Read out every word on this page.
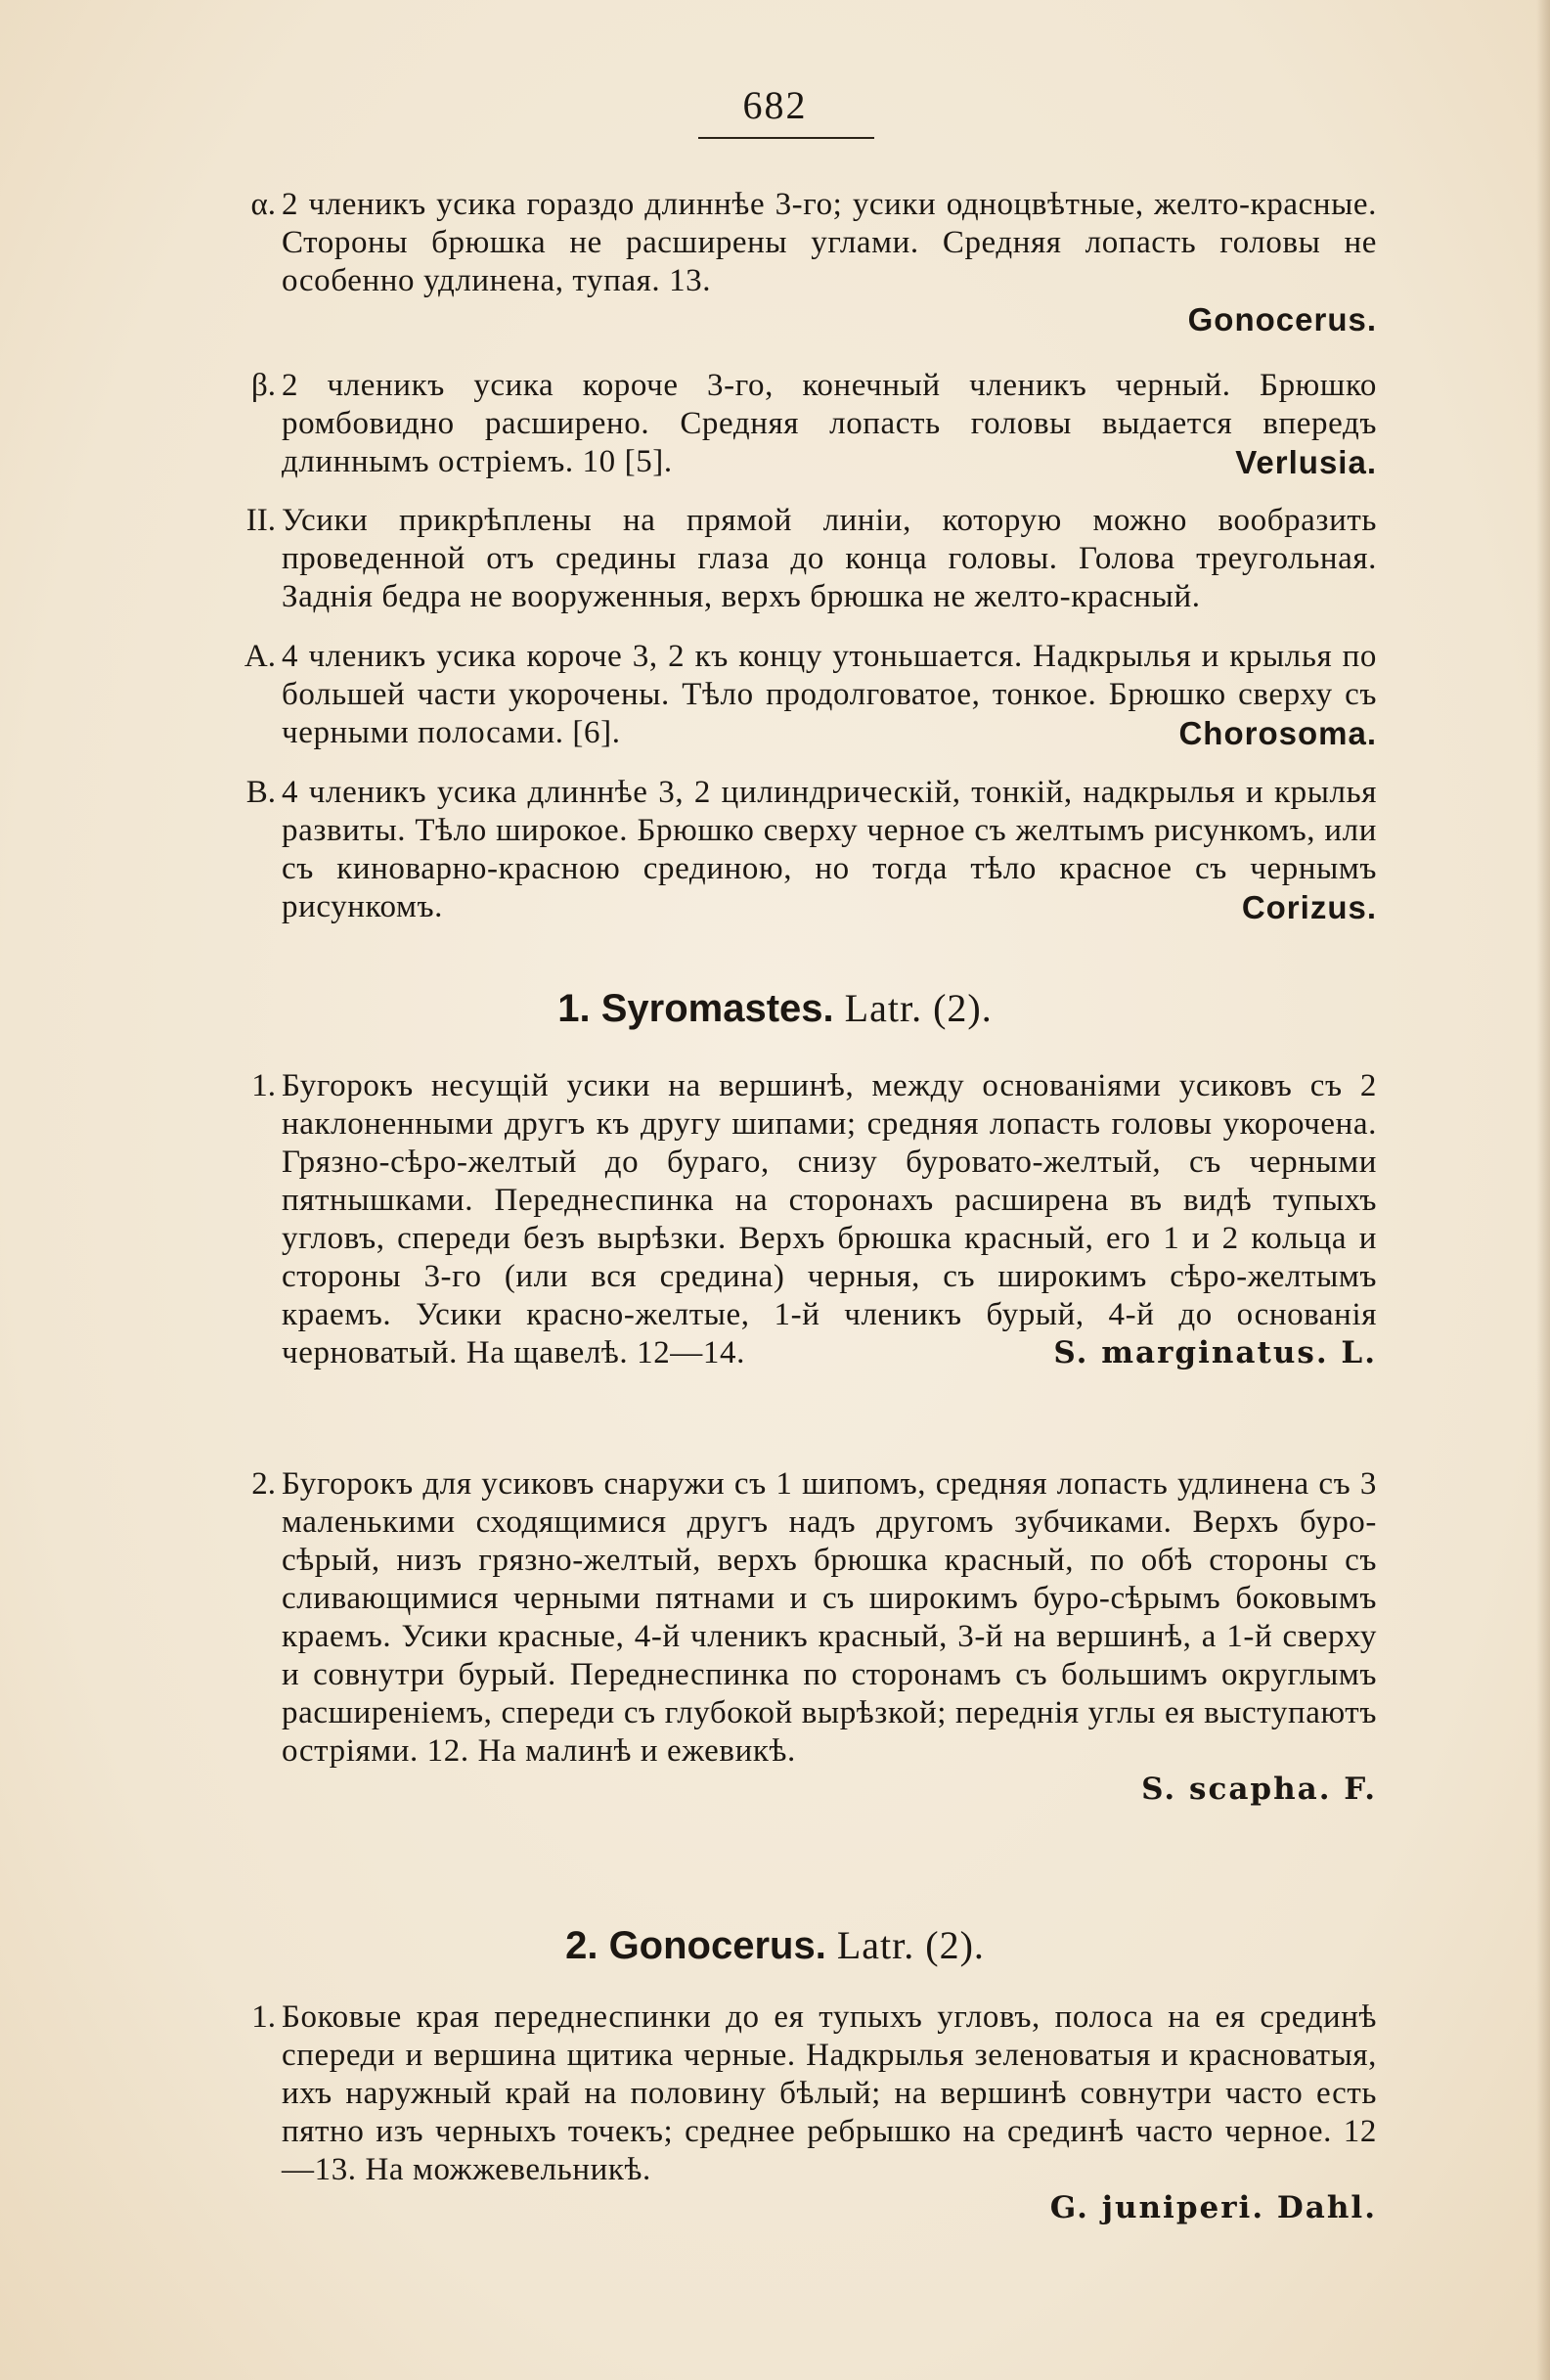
682
α. 2 членикъ усика гораздо длиннѣе 3-го; усики одноцвѣтные, желто-красные. Стороны брюшка не расширены углами. Средняя лопасть головы не особенно удлинена, тупая. 13.

Gonocerus.

β. 2 членикъ усика короче 3-го, конечный членикъ черный. Брюшко ромбовидно расширено. Средняя лопасть головы выдается впередъ длиннымъ остріемъ. 10 [5].	Verlusia.

II. Усики прикрѣплены на прямой линіи, которую можно вообразить проведенной отъ средины глаза до конца головы. Голова треугольная. Заднія бедра не вооруженныя, верхъ брюшка не желто-красный.

A. 4 членикъ усика короче 3, 2 къ концу утоньшается. Надкрылья и крылья по большей части укорочены. Тѣло продолговатое, тонкое. Брюшко сверху съ черными полосами. [6].	Chorosoma.

B. 4 членикъ усика длиннѣе 3, 2 цилиндрическій, тонкій, надкрылья и крылья развиты. Тѣло широкое. Брюшко сверху черное съ желтымъ рисункомъ, или съ киноварно-красною срединою, но тогда тѣло красное съ чернымъ рисункомъ.	Corizus.

1. Syromastes. Latr. (2).
1. Бугорокъ несущій усики на вершинѣ, между основаніями усиковъ съ 2 наклоненными другъ къ другу шипами; средняя лопасть головы укорочена. Грязно-сѣро-желтый до бураго, снизу буровато-желтый, съ черными пятнышками. Переднеспинка на сторонахъ расширена въ видѣ тупыхъ угловъ, спереди безъ вырѣзки. Верхъ брюшка красный, его 1 и 2 кольца и стороны 3-го (или вся средина) черныя, съ широкимъ сѣро-желтымъ краемъ. Усики красно-желтые, 1-й членикъ бурый, 4-й до основанія черноватый. На щавелѣ. 12—14.	S. marginatus. L.

2. Бугорокъ для усиковъ снаружи съ 1 шипомъ, средняя лопасть удлинена съ 3 маленькими сходящимися другъ надъ другомъ зубчиками. Верхъ буро-сѣрый, низъ грязно-желтый, верхъ брюшка красный, по обѣ стороны съ сливающимися черными пятнами и съ широкимъ буро-сѣрымъ боковымъ краемъ. Усики красные, 4-й членикъ красный, 3-й на вершинѣ, а 1-й сверху и совнутри бурый. Переднеспинка по сторонамъ съ большимъ округлымъ расширеніемъ, спереди съ глубокой вырѣзкой; переднія углы ея выступаютъ остріями. 12. На малинѣ и ежевикѣ.

S. scapha. F.

2. Gonocerus. Latr. (2).
1. Боковые края переднеспинки до ея тупыхъ угловъ, полоса на ея срединѣ спереди и вершина щитика черные. Надкрылья зеленоватыя и красноватыя, ихъ наружный край на половину бѣлый; на вершинѣ совнутри часто есть пятно изъ черныхъ точекъ; среднее ребрышко на срединѣ часто черное. 12—13. На можжевельникѣ.

G. juniperi. Dahl.
